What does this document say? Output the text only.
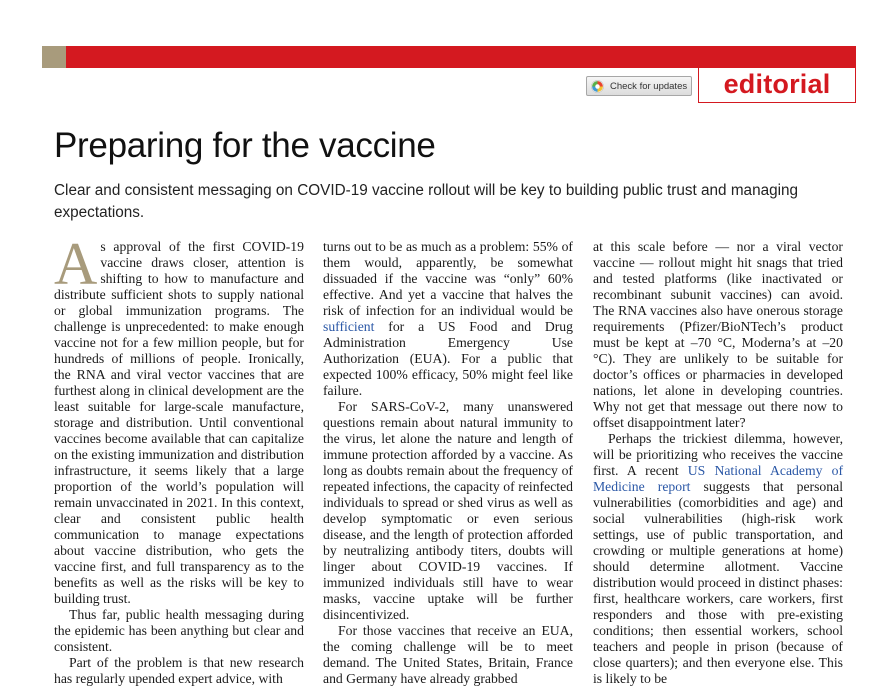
Check for updates	editorial
Preparing for the vaccine

Clear and consistent messaging on COVID-19 vaccine rollout will be key to building public trust and managing expectations.

As approval of the first COVID-19 vaccine draws closer, attention is shifting to how to manufacture and distribute sufficient shots to supply national or global immunization programs. The challenge is unprecedented: to make enough vaccine not for a few million people, but for hundreds of millions of people. Ironically, the RNA and viral vector vaccines that are furthest along in clinical development are the least suitable for large-scale manufacture, storage and distribution. Until conventional vaccines become available that can capitalize on the existing immunization and distribution infrastructure, it seems likely that a large proportion of the world’s population will remain unvaccinated in 2021. In this context, clear and consistent public health communication to manage expectations about vaccine distribution, who gets the vaccine first, and full transparency as to the benefits as well as the risks will be key to building trust.

Thus far, public health messaging during the epidemic has been anything but clear and consistent.

Part of the problem is that new research has regularly upended expert advice, with

turns out to be as much as a problem: 55% of them would, apparently, be somewhat dissuaded if the vaccine was “only” 60% effective. And yet a vaccine that halves the risk of infection for an individual would be sufficient for a US Food and Drug Administration Emergency Use Authorization (EUA). For a public that expected 100% efficacy, 50% might feel like failure.

For SARS-CoV-2, many unanswered questions remain about natural immunity to the virus, let alone the nature and length of immune protection afforded by a vaccine. As long as doubts remain about the frequency of repeated infections, the capacity of reinfected individuals to spread or shed virus as well as develop symptomatic or even serious disease, and the length of protection afforded by neutralizing antibody titers, doubts will linger about COVID-19 vaccines. If immunized individuals still have to wear masks, vaccine uptake will be further disincentivized.

For those vaccines that receive an EUA, the coming challenge will be to meet demand. The United States, Britain, France and Germany have already grabbed

at this scale before — nor a viral vector vaccine — rollout might hit snags that tried and tested platforms (like inactivated or recombinant subunit vaccines) can avoid. The RNA vaccines also have onerous storage requirements (Pfizer/BioNTech’s product must be kept at –70 °C, Moderna’s at –20 °C). They are unlikely to be suitable for doctor’s offices or pharmacies in developed nations, let alone in developing countries. Why not get that message out there now to offset disappointment later?

Perhaps the trickiest dilemma, however, will be prioritizing who receives the vaccine first. A recent US National Academy of Medicine report suggests that personal vulnerabilities (comorbidities and age) and social vulnerabilities (high-risk work settings, use of public transportation, and crowding or multiple generations at home) should determine allotment. Vaccine distribution would proceed in distinct phases: first, healthcare workers, care workers, first responders and those with pre-existing conditions; then essential workers, school teachers and people in prison (because of close quarters); and then everyone else. This is likely to be
